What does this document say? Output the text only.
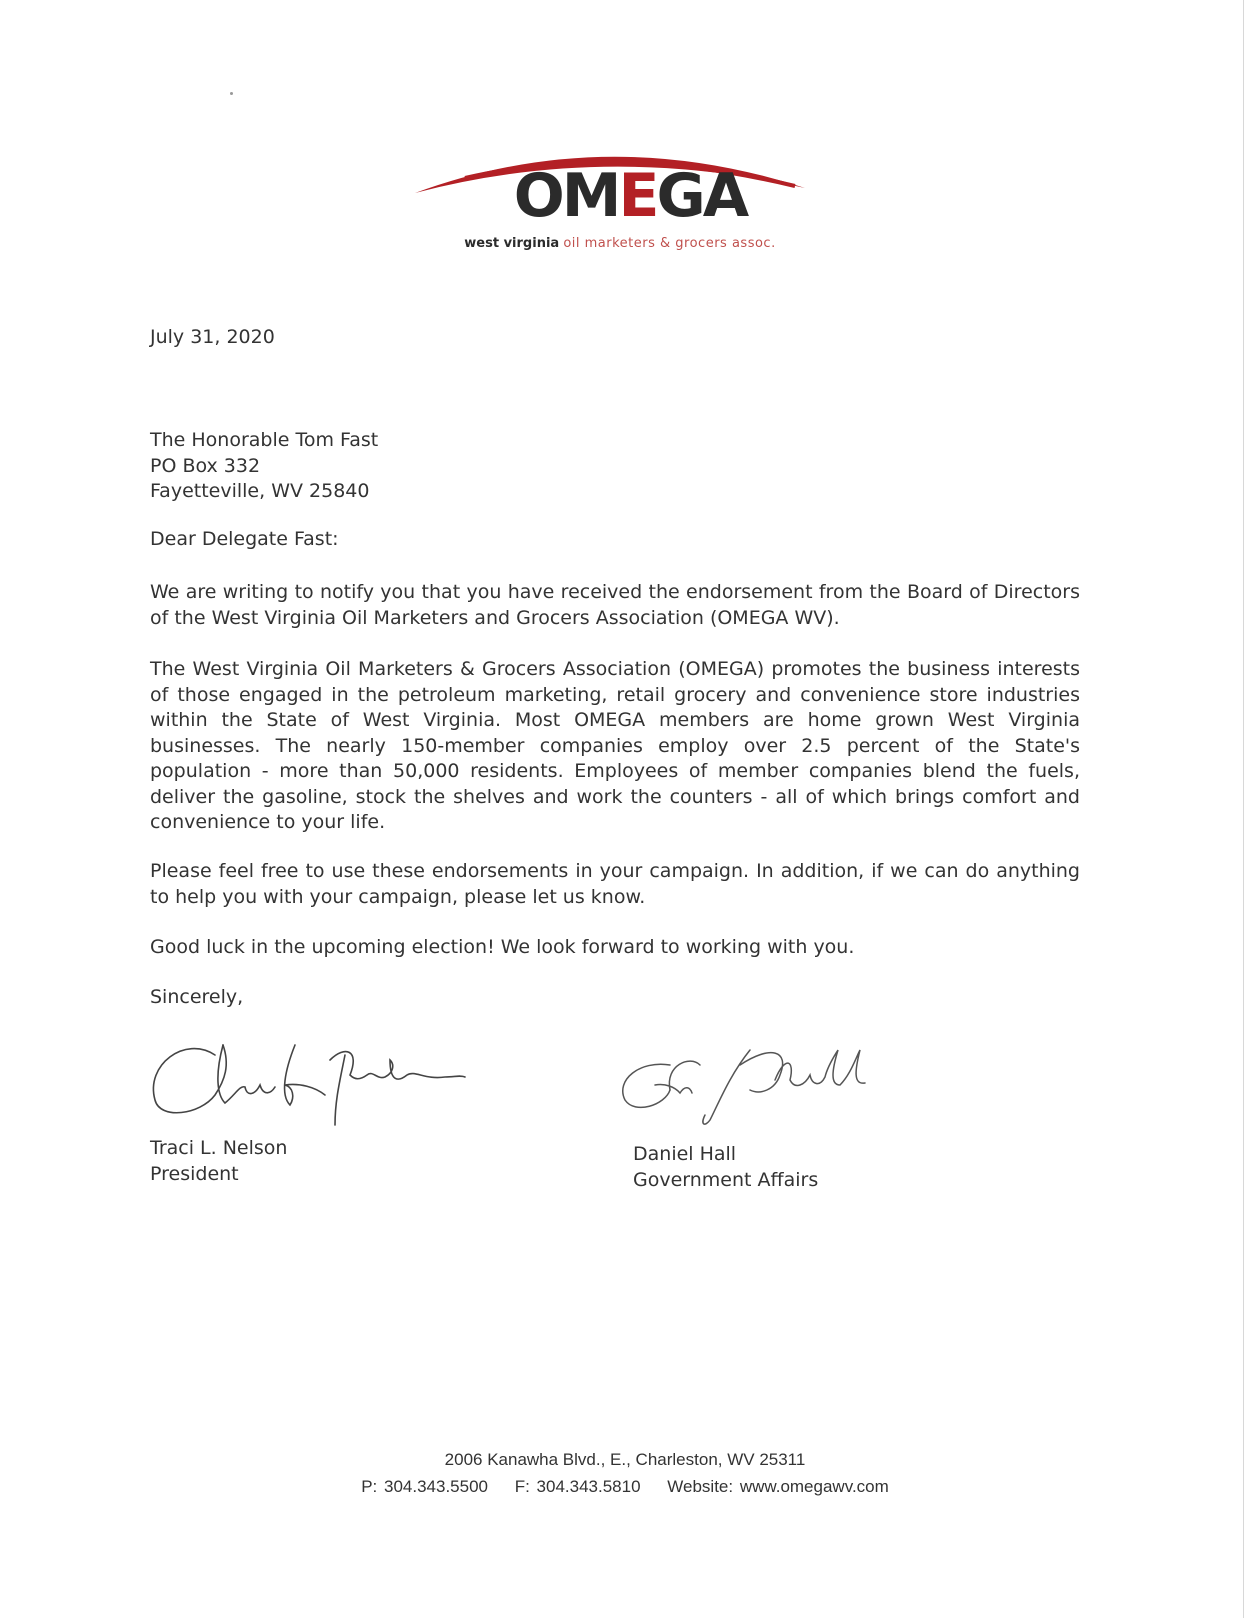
OMEGA
west virginia oil marketers & grocers assoc.
July 31, 2020
The Honorable Tom Fast
PO Box 332
Fayetteville, WV 25840
Dear Delegate Fast:
We are writing to notify you that you have received the endorsement from the Board of Directors of the West Virginia Oil Marketers and Grocers Association (OMEGA WV).
The West Virginia Oil Marketers & Grocers Association (OMEGA) promotes the business interests of those engaged in the petroleum marketing, retail grocery and convenience store industries within the State of West Virginia. Most OMEGA members are home grown West Virginia businesses. The nearly 150-member companies employ over 2.5 percent of the State's population - more than 50,000 residents. Employees of member companies blend the fuels, deliver the gasoline, stock the shelves and work the counters - all of which brings comfort and convenience to your life.
Please feel free to use these endorsements in your campaign. In addition, if we can do anything to help you with your campaign, please let us know.
Good luck in the upcoming election! We look forward to working with you.
Sincerely,
Traci L. Nelson
President
Daniel Hall
Government Affairs
2006 Kanawha Blvd., E., Charleston, WV 25311
P: 304.343.5500 F: 304.343.5810 Website: www.omegawv.com
